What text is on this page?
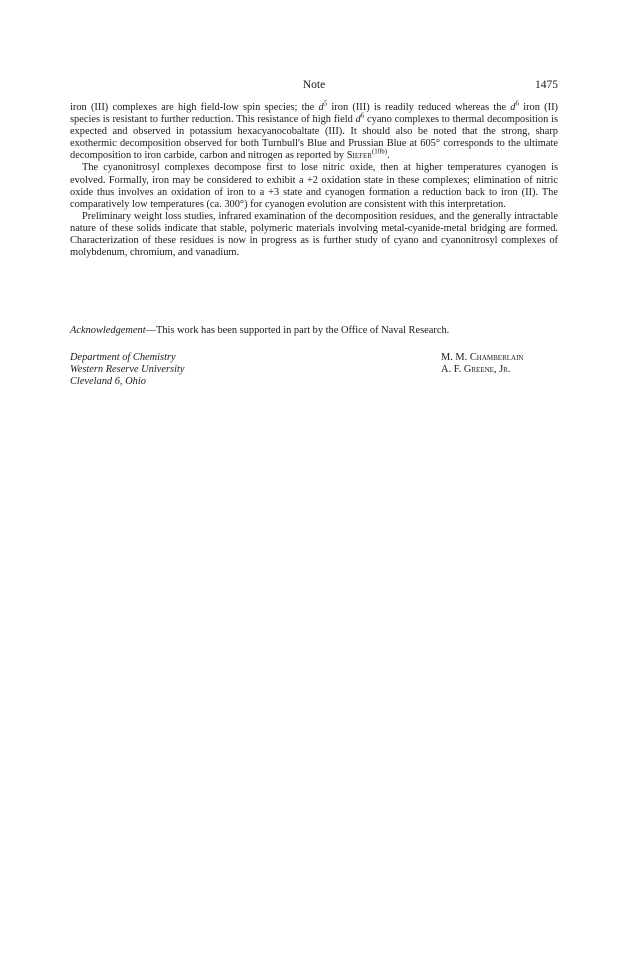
Note	1475

iron (III) complexes are high field-low spin species; the $d^5$ iron (III) is readily reduced whereas the $d^6$ iron (II) species is resistant to further reduction. This resistance of high field $d^6$ cyano complexes to thermal decomposition is expected and observed in potassium hexacyanocobaltate (III). It should also be noted that the strong, sharp exothermic decomposition observed for both Turnbull's Blue and Prussian Blue at 605° corresponds to the ultimate decomposition to iron carbide, carbon and nitrogen as reported by Siefer$^{(10b)}$.

The cyanonitrosyl complexes decompose first to lose nitric oxide, then at higher temperatures cyanogen is evolved. Formally, iron may be considered to exhibit a +2 oxidation state in these complexes; elimination of nitric oxide thus involves an oxidation of iron to a +3 state and cyanogen formation a reduction back to iron (II). The comparatively low temperatures (ca. 300°) for cyanogen evolution are consistent with this interpretation.

Preliminary weight loss studies, infrared examination of the decomposition residues, and the generally intractable nature of these solids indicate that stable, polymeric materials involving metal-cyanide-metal bridging are formed. Characterization of these residues is now in progress as is further study of cyano and cyanonitrosyl complexes of molybdenum, chromium, and vanadium.

Acknowledgement—This work has been supported in part by the Office of Naval Research.
Department of Chemistry
Western Reserve University
Cleveland 6, Ohio
M. M. Chamberlain
A. F. Greene, Jr.
